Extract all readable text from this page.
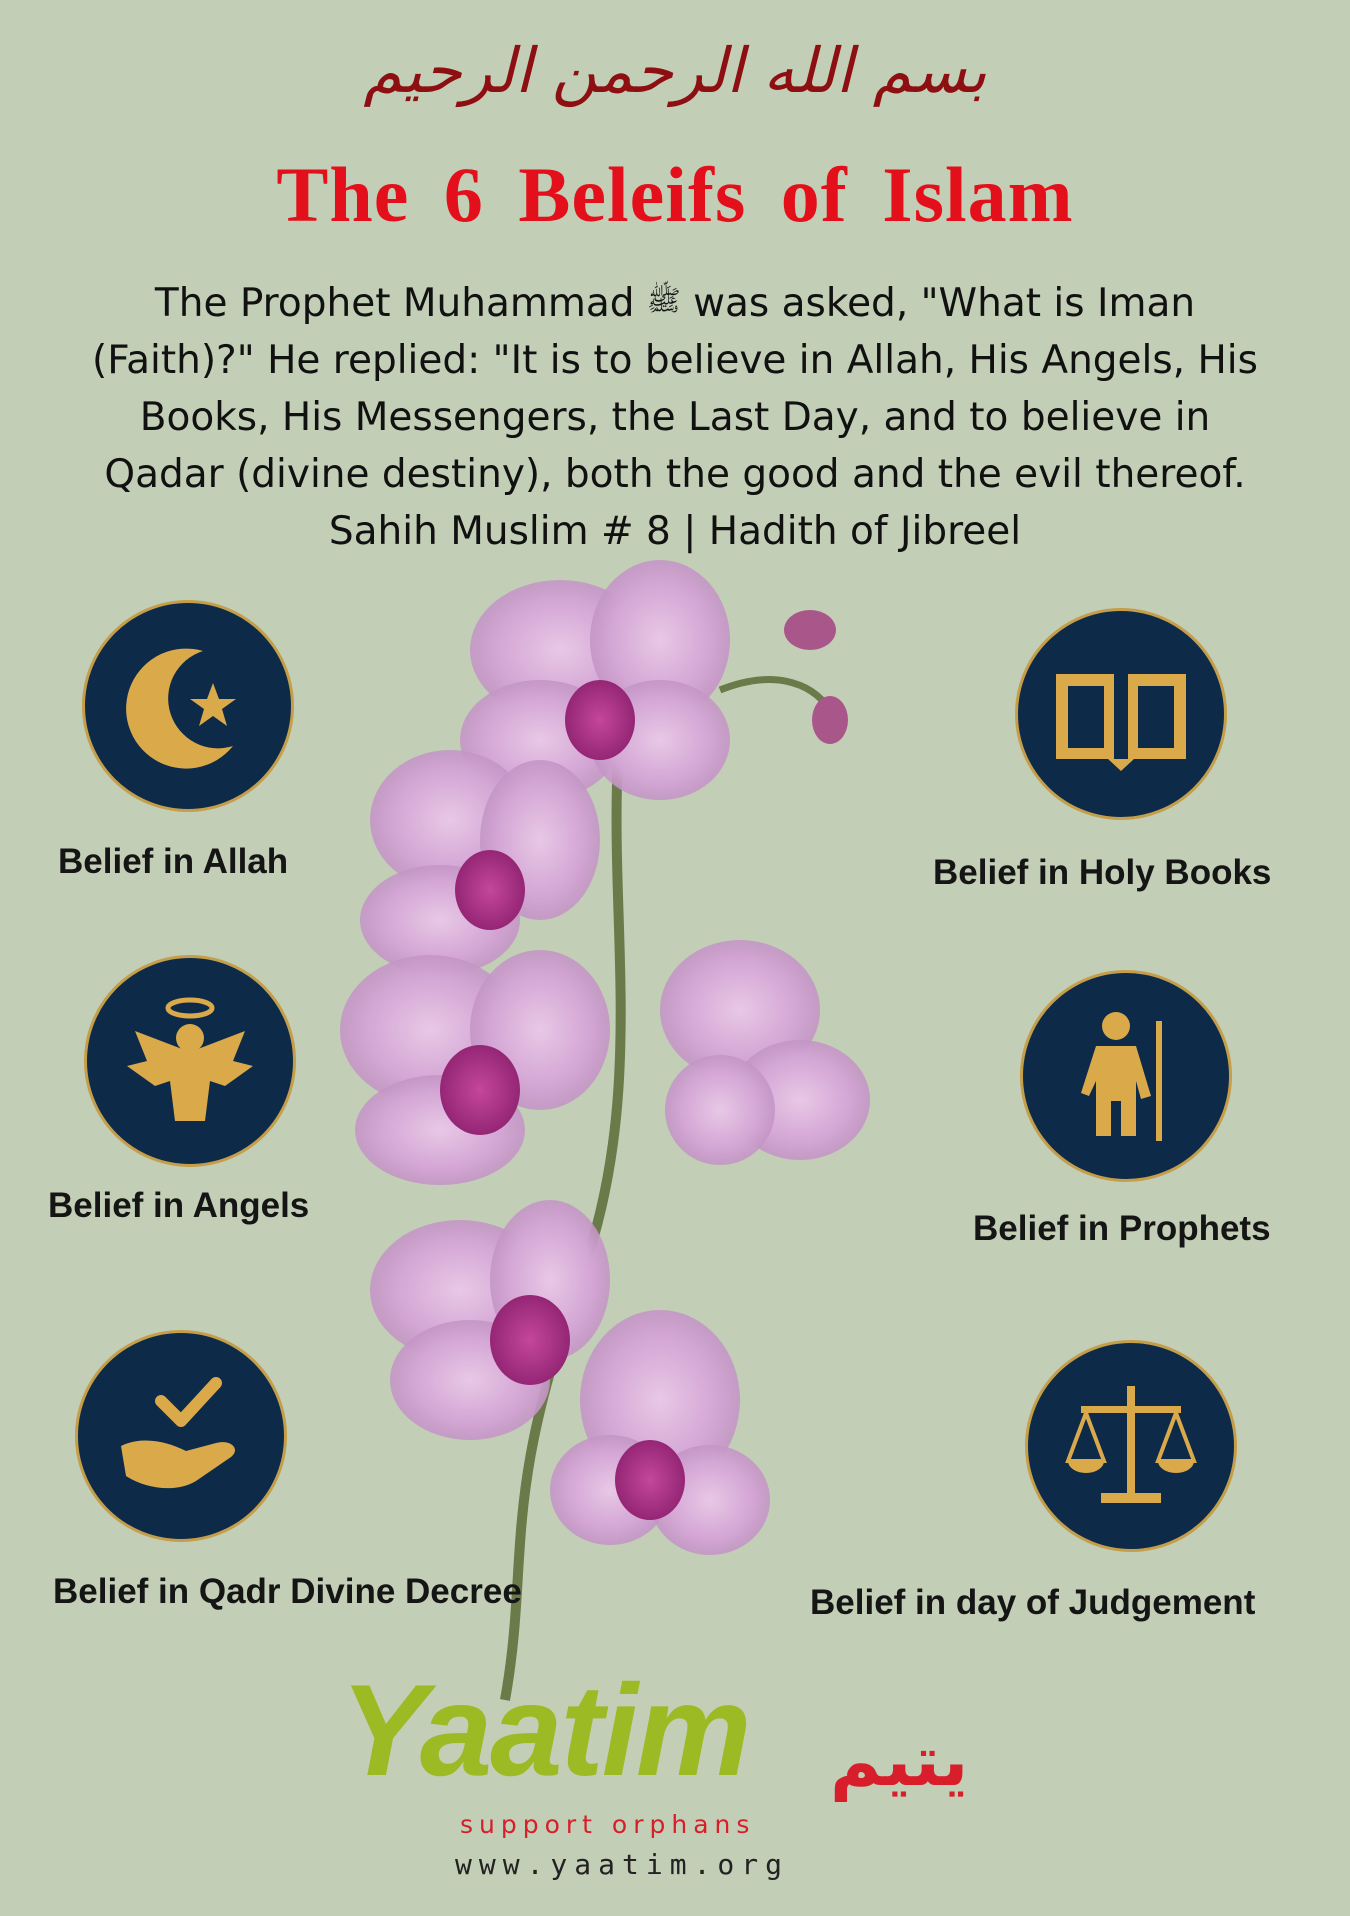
بسم الله الرحمن الرحيم
The 6 Beleifs of Islam
The Prophet Muhammad ﷺ was asked, "What is Iman
(Faith)?" He replied: "It is to believe in Allah, His Angels, His
Books, His Messengers, the Last Day, and to believe in
Qadar (divine destiny), both the good and the evil thereof.
Sahih Muslim # 8 | Hadith of Jibreel
Belief in Allah
Belief in Angels
Belief in Qadr Divine Decree
Belief in Holy Books
Belief in Prophets
Belief in day of Judgement
Yaatim يتيم
support orphans
www.yaatim.org
